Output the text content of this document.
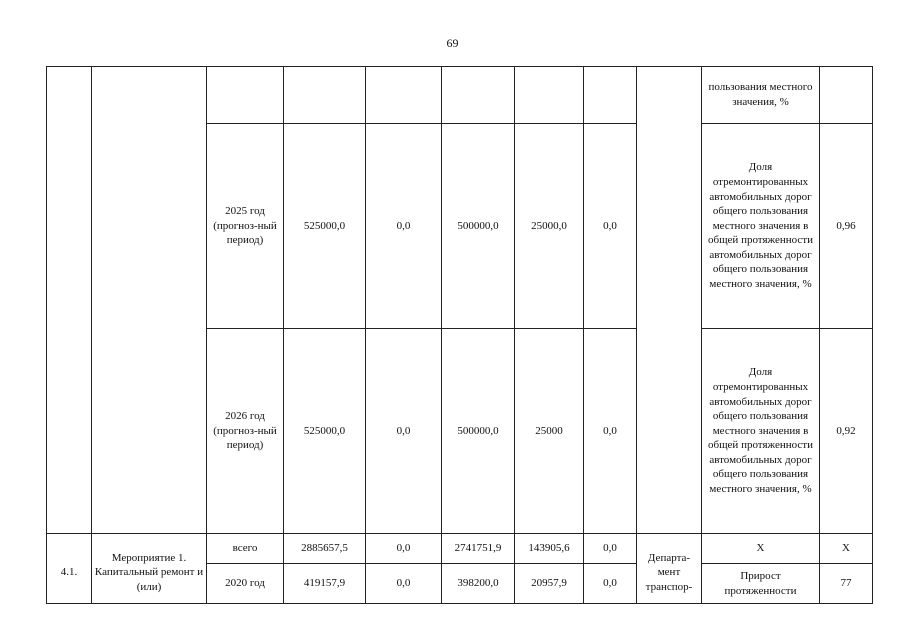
69
									пользования местного значения, %	
		2025 год (прогноз-ный период)	525000,0	0,0	500000,0	25000,0	0,0		Доля отремонтированных автомобильных дорог общего пользования местного значения в общей протяженности автомобильных дорог общего пользования местного значения, %	0,96
		2026 год (прогноз-ный период)	525000,0	0,0	500000,0	25000	0,0		Доля отремонтированных автомобильных дорог общего пользования местного значения в общей протяженности автомобильных дорог общего пользования местного значения, %	0,92
4.1.	Мероприятие 1. Капитальный ремонт и (или)	всего	2885657,5	0,0	2741751,9	143905,6	0,0	Департа-мент транспор-	Х	Х
		2020 год	419157,9	0,0	398200,0	20957,9	0,0		Прирост протяженности	77
